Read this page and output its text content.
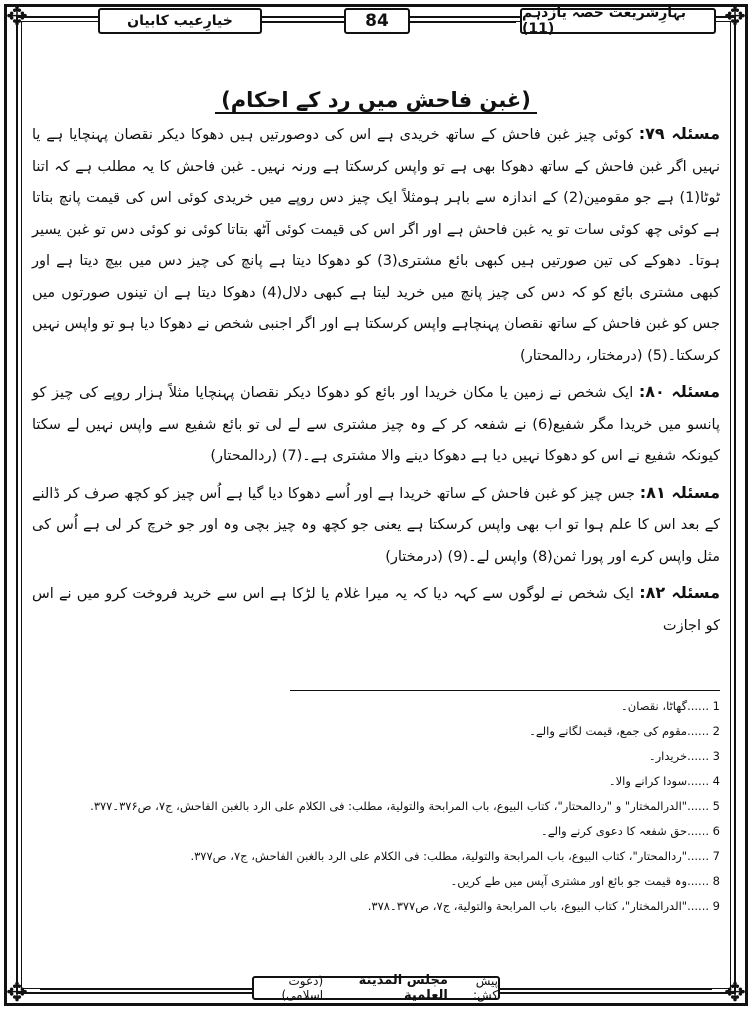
✥	✥
✥	✥
بہارِشریعت حصہ یازدہم (11)
84
خیارِعیب کابیان
(غبن فاحش میں رد کے احکام)

مسئلہ ۷۹: کوئی چیز غبن فاحش کے ساتھ خریدی ہے اس کی دوصورتیں ہیں دھوکا دیکر نقصان پہنچایا ہے یا نہیں اگر غبن فاحش کے ساتھ دھوکا بھی ہے تو واپس کرسکتا ہے ورنہ نہیں۔ غبن فاحش کا یہ مطلب ہے کہ اتنا ٹوٹا(1) ہے جو مقومین(2) کے اندازہ سے باہر ہومثلاً ایک چیز دس روپے میں خریدی کوئی اس کی قیمت پانچ بتاتا ہے کوئی چھ کوئی سات تو یہ غبن فاحش ہے اور اگر اس کی قیمت کوئی آٹھ بتاتا کوئی نو کوئی دس تو غبن یسیر ہوتا۔ دھوکے کی تین صورتیں ہیں کبھی بائع مشتری(3) کو دھوکا دیتا ہے پانچ کی چیز دس میں بیچ دیتا ہے اور کبھی مشتری بائع کو کہ دس کی چیز پانچ میں خرید لیتا ہے کبھی دلال(4) دھوکا دیتا ہے ان تینوں صورتوں میں جس کو غبن فاحش کے ساتھ نقصان پہنچاہے واپس کرسکتا ہے اور اگر اجنبی شخص نے دھوکا دیا ہو تو واپس نہیں کرسکتا۔(5) (درمختار، ردالمحتار)

مسئلہ ۸۰: ایک شخص نے زمین یا مکان خریدا اور بائع کو دھوکا دیکر نقصان پہنچایا مثلاً ہزار روپے کی چیز کو پانسو میں خریدا مگر شفیع(6) نے شفعہ کر کے وہ چیز مشتری سے لے لی تو بائع شفیع سے واپس نہیں لے سکتا کیونکہ شفیع نے اس کو دھوکا نہیں دیا ہے دھوکا دینے والا مشتری ہے۔(7) (ردالمحتار)

مسئلہ ۸۱: جس چیز کو غبن فاحش کے ساتھ خریدا ہے اور اُسے دھوکا دیا گیا ہے اُس چیز کو کچھ صرف کر ڈالنے کے بعد اس کا علم ہوا تو اب بھی واپس کرسکتا ہے یعنی جو کچھ وہ چیز بچی وہ اور جو خرچ کر لی ہے اُس کی مثل واپس کرے اور پورا ثمن(8) واپس لے۔(9) (درمختار)

مسئلہ ۸۲: ایک شخص نے لوگوں سے کہہ دیا کہ یہ میرا غلام یا لڑکا ہے اس سے خرید فروخت کرو میں نے اس کو اجازت

1 ......گھاٹا، نقصان۔
2 ......مقوم کی جمع، قیمت لگانے والے۔
3 ......خریدار۔
4 ......سودا کرانے والا۔
5 ......"الدرالمختار" و "ردالمحتار"، کتاب البیوع، باب المرابحة والتولیة، مطلب: فی الکلام علی الرد بالغبن الفاحش، ج۷، ص۳۷۶۔۳۷۷.
6 ......حق شفعہ کا دعوی کرنے والے۔
7 ......"ردالمحتار"، کتاب البیوع، باب المرابحة والتولیة، مطلب: فی الکلام علی الرد بالغبن الفاحش، ج۷، ص۳۷۷.
8 ......وہ قیمت جو بائع اور مشتری آپس میں طے کریں۔
9 ......"الدرالمختار"، کتاب البیوع، باب المرابحة والتولیة، ج۷، ص۳۷۷۔۳۷۸.
پیش کش:
مجلس المدینة العلمیة
(دعوت اسلامی)
